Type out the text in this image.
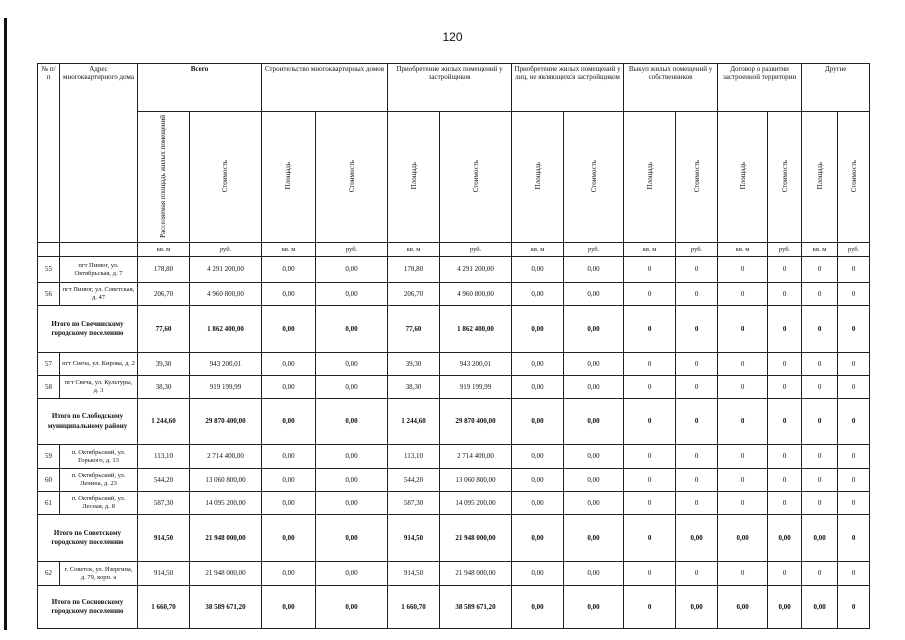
120
№ п/п	Адрес многоквартирного дома	Всего		Строительство многоквартирных домов		Приобретение жилых помещений у застройщиков		Приобретение жилых помещений у лиц, не являющихся застройщиком		Выкуп жилых помещений у собственников		Договор о развитии застроенной территории		Другие	
		Расселяемая площадь жилых помещений	Стоимость	Площадь	Стоимость	Площадь	Стоимость	Площадь	Стоимость	Площадь	Стоимость	Площадь	Стоимость	Площадь	Стоимость
		кв. м	руб.	кв. м	руб.	кв. м	руб.	кв. м	руб.	кв. м	руб.	кв. м	руб.	кв. м	руб.
55	пгт Пинюг, ул. Октябрьская, д. 7	178,80	4 291 200,00	0,00	0,00	178,80	4 291 200,00	0,00	0,00	0	0	0	0	0	0
56	пгт Пинюг, ул. Советская, д. 47	206,70	4 960 800,00	0,00	0,00	206,70	4 960 800,00	0,00	0,00	0	0	0	0	0	0
Итого по Свечинскому городскому поселению		77,60	1 862 400,00	0,00	0,00	77,60	1 862 400,00	0,00	0,00	0	0	0	0	0	0
57	пгт Свеча, ул. Кирова, д. 2	39,30	943 200,01	0,00	0,00	39,30	943 200,01	0,00	0,00	0	0	0	0	0	0
58	пгт Свеча, ул. Культуры, д. 3	38,30	919 199,99	0,00	0,00	38,30	919 199,99	0,00	0,00	0	0	0	0	0	0
Итого по Слободскому муниципальному району		1 244,60	29 870 400,00	0,00	0,00	1 244,60	29 870 400,00	0,00	0,00	0	0	0	0	0	0
59	п. Октябрьский, ул. Горького, д. 13	113,10	2 714 400,00	0,00	0,00	113,10	2 714 400,00	0,00	0,00	0	0	0	0	0	0
60	п. Октябрьский, ул. Ленина, д. 23	544,20	13 060 800,00	0,00	0,00	544,20	13 060 800,00	0,00	0,00	0	0	0	0	0	0
61	п. Октябрьский, ул. Лесная, д. 8	587,30	14 095 200,00	0,00	0,00	587,30	14 095 200,00	0,00	0,00	0	0	0	0	0	0
Итого по Советскому городскому поселению		914,50	21 948 000,00	0,00	0,00	914,50	21 948 000,00	0,00	0,00	0	0,00	0,00	0,00	0,00	0
62	г. Советск, ул. Изергина, д. 79, корп. а	914,50	21 948 000,00	0,00	0,00	914,50	21 948 000,00	0,00	0,00	0	0	0	0	0	0
Итого по Сосновскому городскому поселению		1 660,70	38 589 671,20	0,00	0,00	1 660,70	38 589 671,20	0,00	0,00	0	0,00	0,00	0,00	0,00	0
